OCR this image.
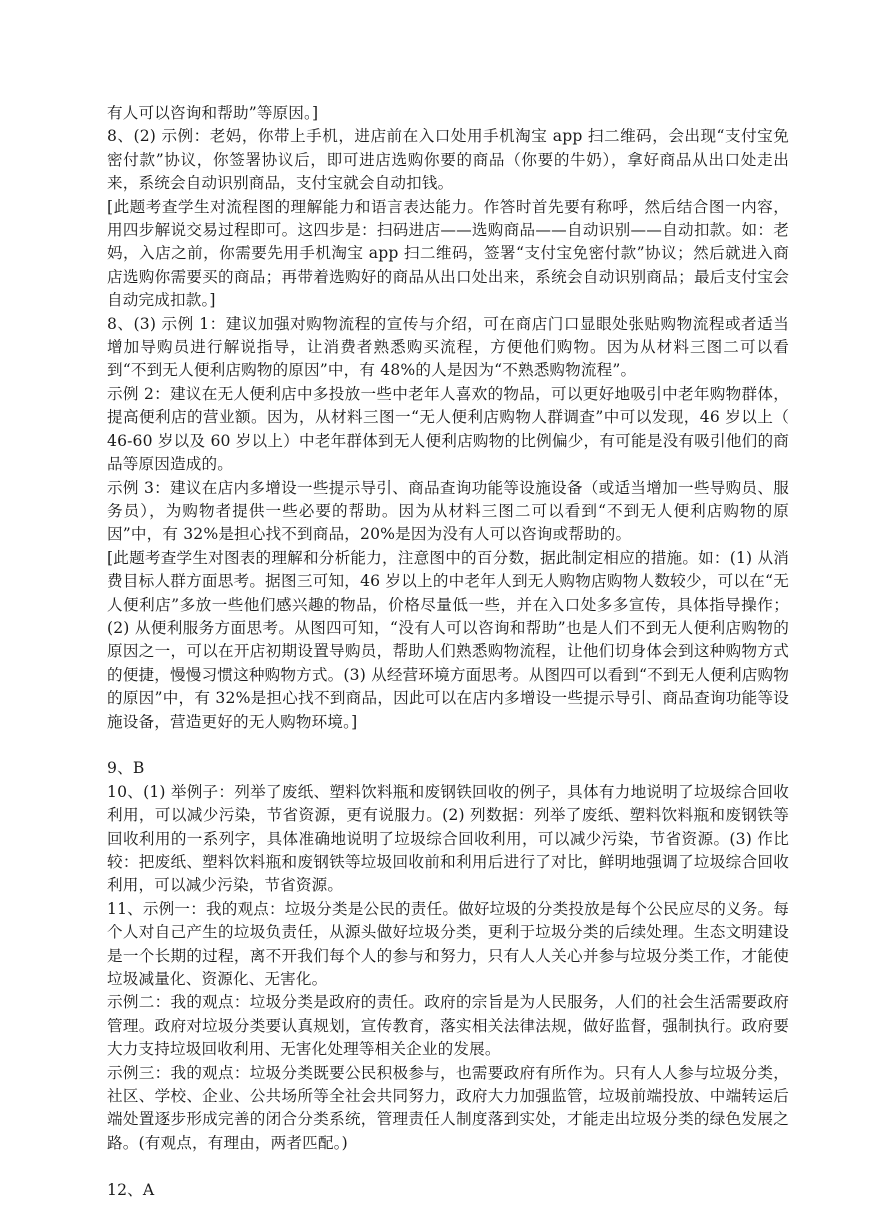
有人可以咨询和帮助”等原因。]

8、(2) 示例：老妈，你带上手机，进店前在入口处用手机淘宝 app 扫二维码，会出现“支付宝免密付款”协议，你签署协议后，即可进店选购你要的商品（你要的牛奶），拿好商品从出口处走出来，系统会自动识别商品，支付宝就会自动扣钱。

[此题考查学生对流程图的理解能力和语言表达能力。作答时首先要有称呼，然后结合图一内容，用四步解说交易过程即可。这四步是：扫码进店——选购商品——自动识别——自动扣款。如：老妈，入店之前，你需要先用手机淘宝 app 扫二维码，签署“支付宝免密付款”协议；然后就进入商店选购你需要买的商品；再带着选购好的商品从出口处出来，系统会自动识别商品；最后支付宝会自动完成扣款。]

8、(3) 示例 1：建议加强对购物流程的宣传与介绍，可在商店门口显眼处张贴购物流程或者适当增加导购员进行解说指导，让消费者熟悉购买流程，方便他们购物。因为从材料三图二可以看到“不到无人便利店购物的原因”中，有 48%的人是因为“不熟悉购物流程”。

示例 2：建议在无人便利店中多投放一些中老年人喜欢的物品，可以更好地吸引中老年购物群体，提高便利店的营业额。因为，从材料三图一“无人便利店购物人群调查”中可以发现，46 岁以上（ 46-60 岁以及 60 岁以上）中老年群体到无人便利店购物的比例偏少，有可能是没有吸引他们的商品等原因造成的。

示例 3：建议在店内多增设一些提示导引、商品查询功能等设施设备（或适当增加一些导购员、服务员），为购物者提供一些必要的帮助。因为从材料三图二可以看到“不到无人便利店购物的原因”中，有 32%是担心找不到商品，20%是因为没有人可以咨询或帮助的。

[此题考查学生对图表的理解和分析能力，注意图中的百分数，据此制定相应的措施。如：(1) 从消费目标人群方面思考。据图三可知，46 岁以上的中老年人到无人购物店购物人数较少，可以在“无人便利店”多放一些他们感兴趣的物品，价格尽量低一些，并在入口处多多宣传，具体指导操作；(2) 从便利服务方面思考。从图四可知，“没有人可以咨询和帮助”也是人们不到无人便利店购物的原因之一，可以在开店初期设置导购员，帮助人们熟悉购物流程，让他们切身体会到这种购物方式的便捷，慢慢习惯这种购物方式。(3) 从经营环境方面思考。从图四可以看到“不到无人便利店购物的原因”中，有 32%是担心找不到商品，因此可以在店内多增设一些提示导引、商品查询功能等设施设备，营造更好的无人购物环境。]

9、B

10、(1) 举例子：列举了废纸、塑料饮料瓶和废钢铁回收的例子，具体有力地说明了垃圾综合回收利用，可以减少污染，节省资源，更有说服力。(2) 列数据：列举了废纸、塑料饮料瓶和废钢铁等回收利用的一系列字，具体准确地说明了垃圾综合回收利用，可以减少污染，节省资源。(3) 作比较：把废纸、塑料饮料瓶和废钢铁等垃圾回收前和利用后进行了对比，鲜明地强调了垃圾综合回收利用，可以减少污染，节省资源。

11、示例一：我的观点：垃圾分类是公民的责任。做好垃圾的分类投放是每个公民应尽的义务。每个人对自己产生的垃圾负责任，从源头做好垃圾分类，更利于垃圾分类的后续处理。生态文明建设是一个长期的过程，离不开我们每个人的参与和努力，只有人人关心并参与垃圾分类工作，才能使垃圾减量化、资源化、无害化。

示例二：我的观点：垃圾分类是政府的责任。政府的宗旨是为人民服务，人们的社会生活需要政府管理。政府对垃圾分类要认真规划，宣传教育，落实相关法律法规，做好监督，强制执行。政府要大力支持垃圾回收利用、无害化处理等相关企业的发展。

示例三：我的观点：垃圾分类既要公民积极参与，也需要政府有所作为。只有人人参与垃圾分类，社区、学校、企业、公共场所等全社会共同努力，政府大力加强监管，垃圾前端投放、中端转运后端处置逐步形成完善的闭合分类系统，管理责任人制度落到实处，才能走出垃圾分类的绿色发展之路。(有观点，有理由，两者匹配。)

12、A
